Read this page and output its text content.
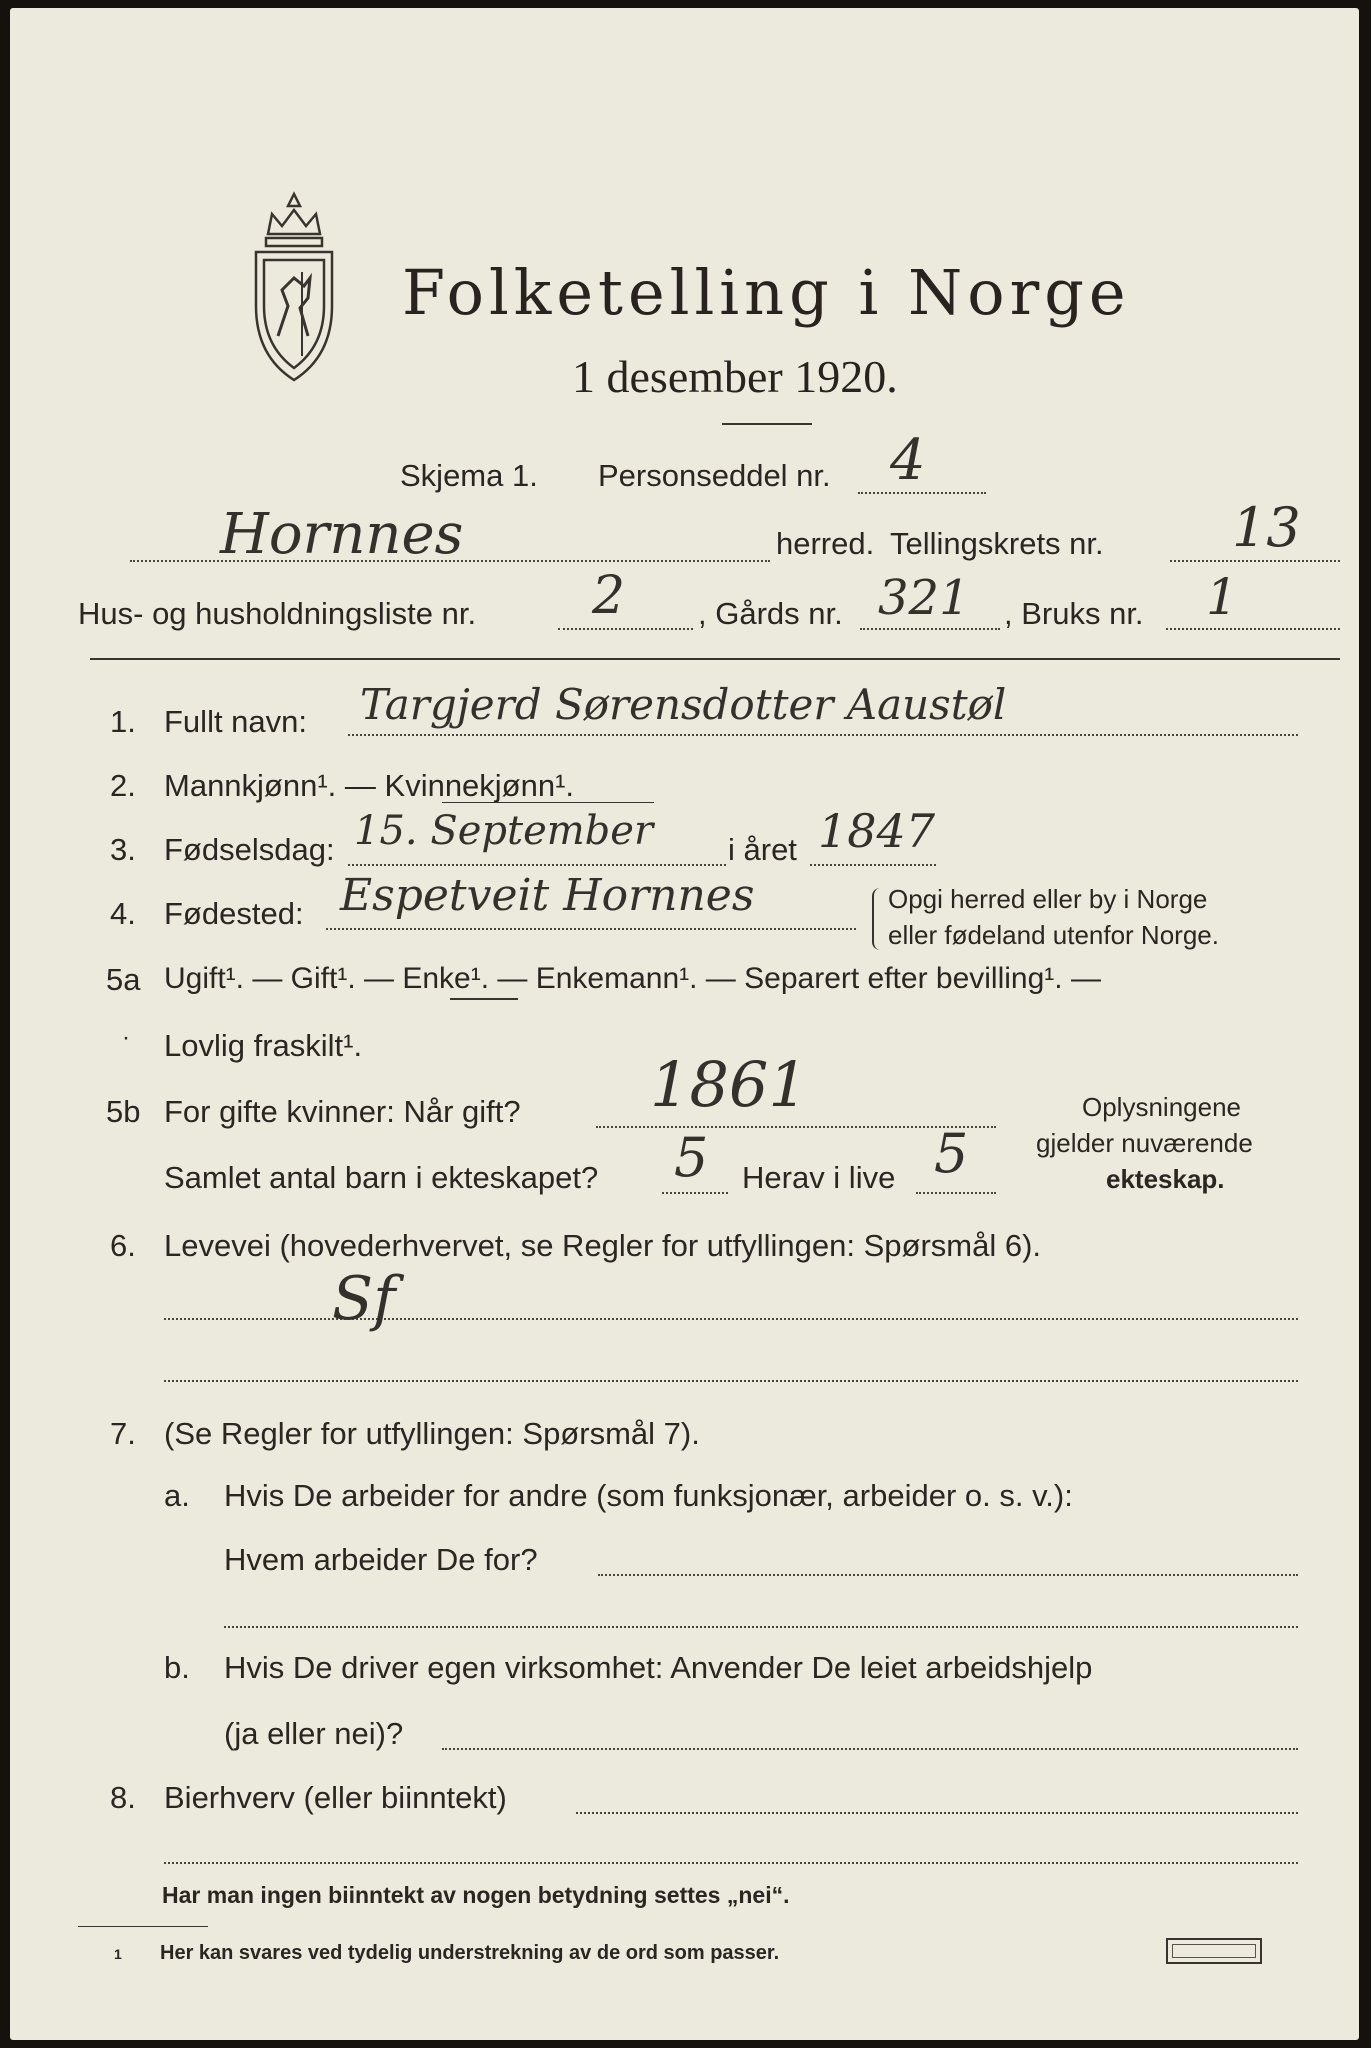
Folketelling i Norge
1 desember 1920.
Skjema 1. Personseddel nr. 4
Hornnes	herred. Tellingskrets nr. 13
Hus- og husholdningsliste nr. 2 , Gårds nr. 321 , Bruks nr. 1
1. Fullt navn: Targjerd Sørensdotter Aaustøl
2. Mannkjønn¹. — Kvinnekjønn¹.
3. Fødselsdag: 15. September i året 1847
4. Fødested: Espetveit Hornnes	Opgi herred eller by i Norge
eller fødeland utenfor Norge.
5a Ugift¹. — Gift¹. — Enke¹. — Enkemann¹. — Separert efter bevilling¹. —
· Lovlig fraskilt¹.
5b For gifte kvinner: Når gift? 1861
Samlet antal barn i ekteskapet? 5 Herav i live 5
Oplysningene
gjelder nuværende
ekteskap.
6. Levevei (hovederhvervet, se Regler for utfyllingen: Spørsmål 6).
Sf
7. (Se Regler for utfyllingen: Spørsmål 7).
a. Hvis De arbeider for andre (som funksjonær, arbeider o. s. v.):
Hvem arbeider De for?
b. Hvis De driver egen virksomhet: Anvender De leiet arbeidshjelp
(ja eller nei)?
8. Bierhverv (eller biinntekt)
Har man ingen biinntekt av nogen betydning settes „nei“.
1 Her kan svares ved tydelig understrekning av de ord som passer.
